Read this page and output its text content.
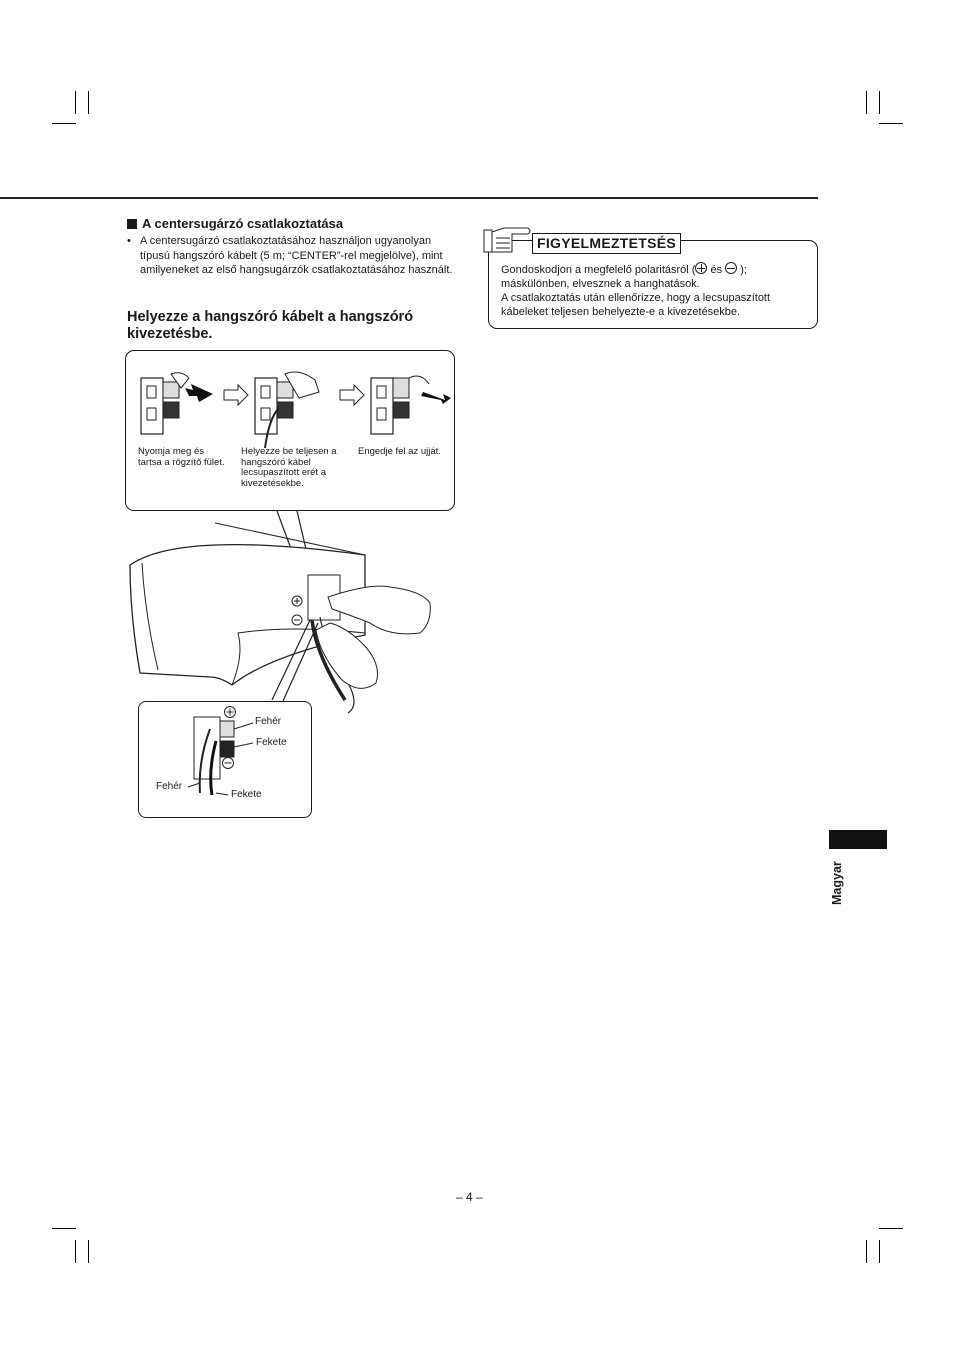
A centersugárzó csatlakoztatása
• A centersugárzó csatlakoztatásához használjon ugyanolyan típusú hangszóró kábelt (5 m; “CENTER”-rel megjelölve), mint amilyeneket az első hangsugárzók csatlakoztatásához használt.
Helyezze a hangszóró kábelt a hangszóró kivezetésbe.
Nyomja meg és tartsa a rögzítő fület.
Helyezze be teljesen a hangszóró kábel lecsupaszított erét a kivezetésekbe.
Engedje fel az ujját.
Fehér
Fekete
Fehér
Fekete
FIGYELMEZTETSÉS
Gondoskodjon a megfelelő polaritásról (
és
);
máskülönben, elvesznek a hanghatások.
A csatlakoztatás után ellenőrizze, hogy a lecsupaszított kábeleket teljesen behelyezte-e a kivezetésekbe.
Magyar
– 4 –
